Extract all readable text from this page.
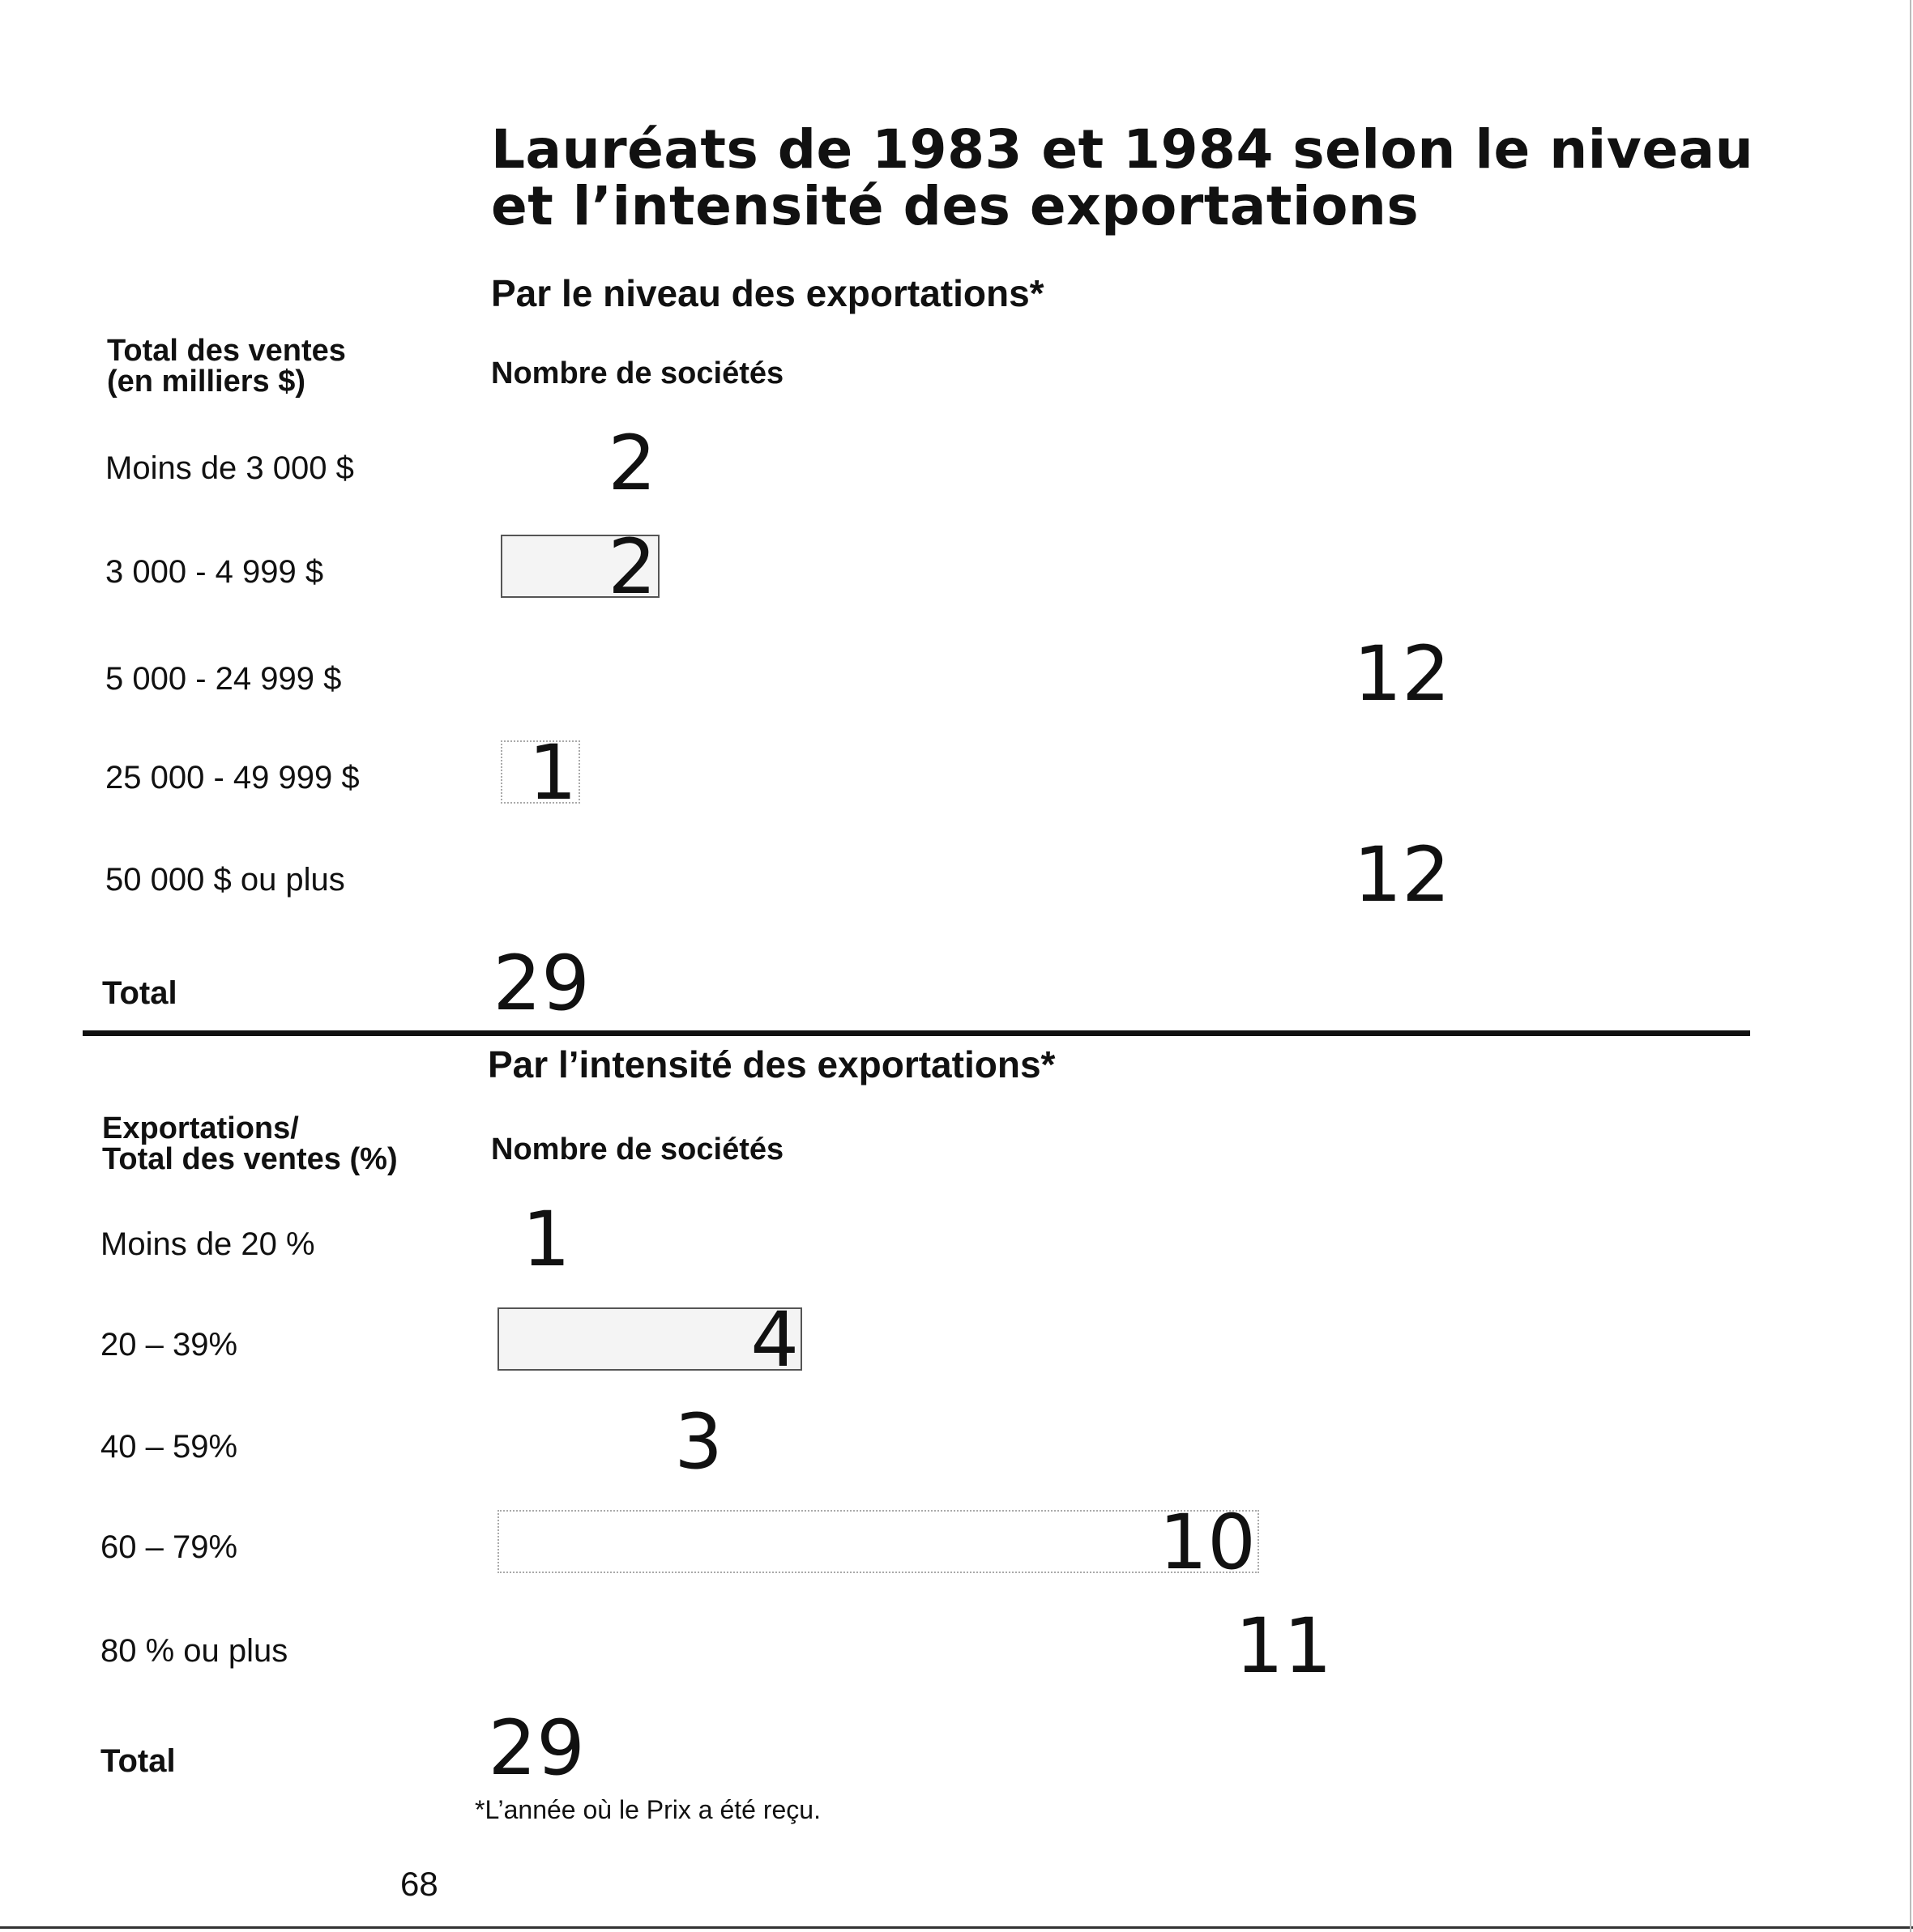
Lauréats de 1983 et 1984 selon le niveau
et l’intensité des exportations
Par le niveau des exportations*
Total des ventes
(en milliers $)	Nombre de sociétés
Moins de 3 000 $	2
3 000 - 4 999 $	2
5 000 - 24 999 $	12
25 000 - 49 999 $ 1
50 000 $ ou plus	12
Total	29
Par l’intensité des exportations*
Exportations/
Total des ventes (%)	Nombre de sociétés
Moins de 20 %	1
20 – 39%	4
40 – 59%	3
60 – 79%	10
80 % ou plus	11
Total	29
*L’année où le Prix a été reçu.
68
